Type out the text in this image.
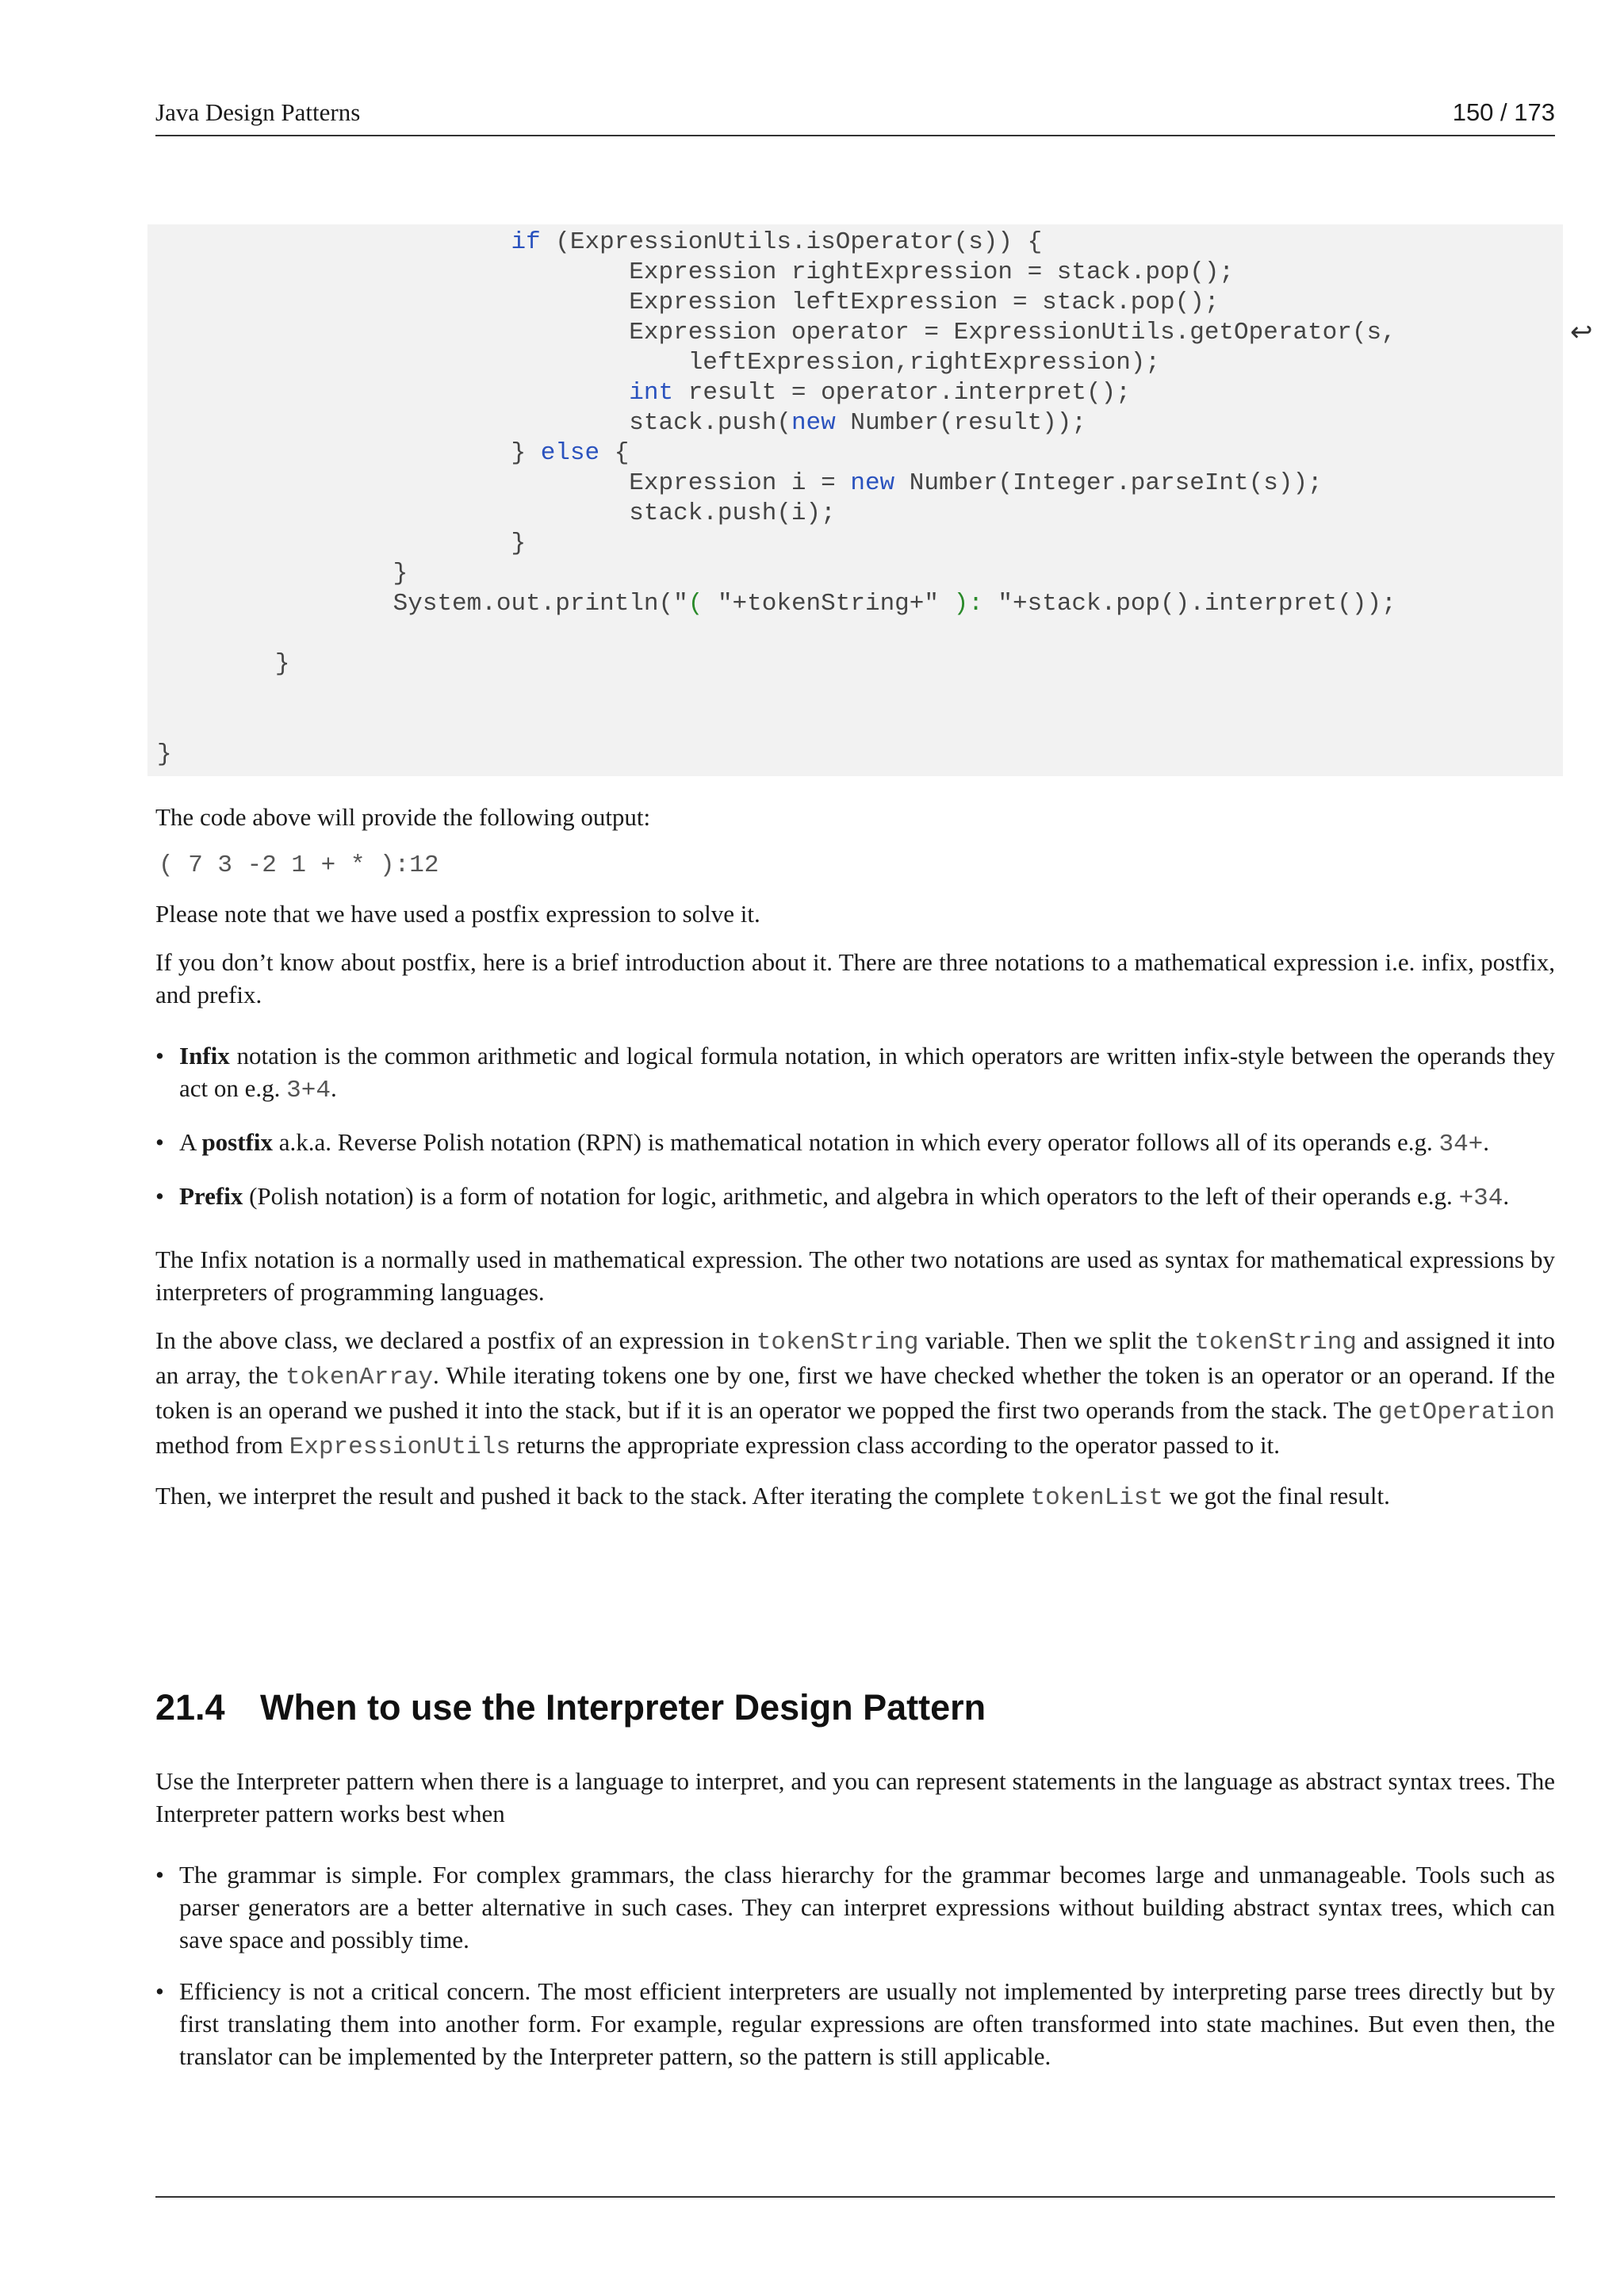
Java Design Patterns	150 / 173
if (ExpressionUtils.isOperator(s)) {
Expression rightExpression = stack.pop();
Expression leftExpression = stack.pop();
Expression operator = ExpressionUtils.getOperator(s,
leftExpression,rightExpression);
int result = operator.interpret();
stack.push(new Number(result));
} else {
Expression i = new Number(Integer.parseInt(s));
stack.push(i);
}
}
System.out.println("( "+tokenString+" ): "+stack.pop().interpret());

}

}
↩

The code above will provide the following output:

( 7 3 -2 1 + * ):12

Please note that we have used a postfix expression to solve it.

If you don’t know about postfix, here is a brief introduction about it. There are three notations to a mathematical expression i.e. infix, postfix, and prefix.

• Infix notation is the common arithmetic and logical formula notation, in which operators are written infix-style between the operands they act on e.g. 3+4.
• A postfix a.k.a. Reverse Polish notation (RPN) is mathematical notation in which every operator follows all of its operands e.g. 34+.
• Prefix (Polish notation) is a form of notation for logic, arithmetic, and algebra in which operators to the left of their operands e.g. +34.

The Infix notation is a normally used in mathematical expression. The other two notations are used as syntax for mathematical expressions by interpreters of programming languages.

In the above class, we declared a postfix of an expression in tokenString variable. Then we split the tokenString and assigned it into an array, the tokenArray. While iterating tokens one by one, first we have checked whether the token is an operator or an operand. If the token is an operand we pushed it into the stack, but if it is an operator we popped the first two operands from the stack. The getOperation method from ExpressionUtils returns the appropriate expression class according to the operator passed to it.

Then, we interpret the result and pushed it back to the stack. After iterating the complete tokenList we got the final result.

21.4 When to use the Interpreter Design Pattern

Use the Interpreter pattern when there is a language to interpret, and you can represent statements in the language as abstract syntax trees. The Interpreter pattern works best when

• The grammar is simple. For complex grammars, the class hierarchy for the grammar becomes large and unmanageable. Tools such as parser generators are a better alternative in such cases. They can interpret expressions without building abstract syntax trees, which can save space and possibly time.
• Efficiency is not a critical concern. The most efficient interpreters are usually not implemented by interpreting parse trees directly but by first translating them into another form. For example, regular expressions are often transformed into state machines. But even then, the translator can be implemented by the Interpreter pattern, so the pattern is still applicable.
